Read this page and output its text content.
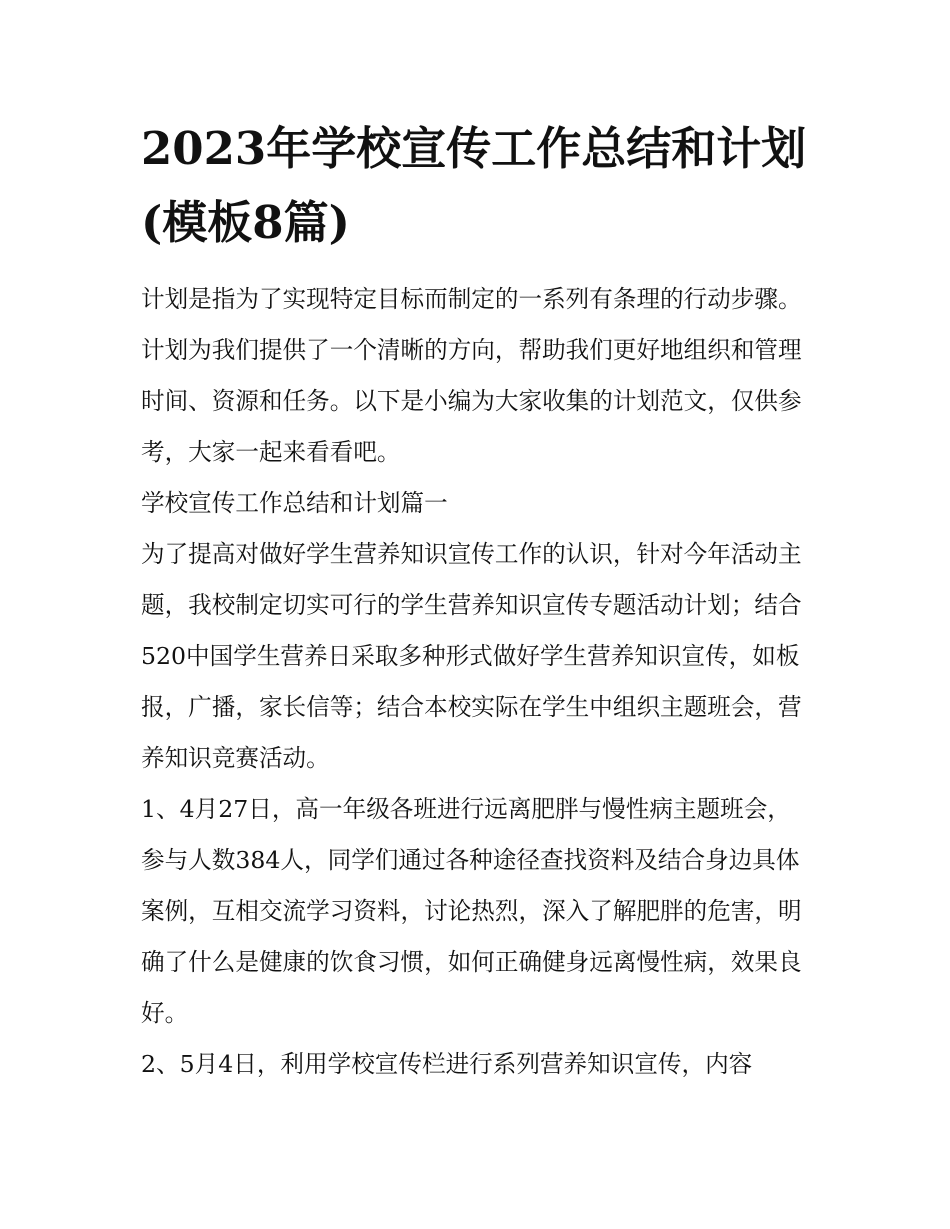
2023年学校宣传工作总结和计划(模板8篇)

计划是指为了实现特定目标而制定的一系列有条理的行动步骤。计划为我们提供了一个清晰的方向，帮助我们更好地组织和管理时间、资源和任务。以下是小编为大家收集的计划范文，仅供参考，大家一起来看看吧。

学校宣传工作总结和计划篇一

为了提高对做好学生营养知识宣传工作的认识，针对今年活动主题，我校制定切实可行的学生营养知识宣传专题活动计划；结合520中国学生营养日采取多种形式做好学生营养知识宣传，如板报，广播，家长信等；结合本校实际在学生中组织主题班会，营养知识竞赛活动。

1、4月27日，高一年级各班进行远离肥胖与慢性病主题班会，参与人数384人，同学们通过各种途径查找资料及结合身边具体案例，互相交流学习资料，讨论热烈，深入了解肥胖的危害，明确了什么是健康的饮食习惯，如何正确健身远离慢性病，效果良好。

2、5月4日，利用学校宣传栏进行系列营养知识宣传，内容
